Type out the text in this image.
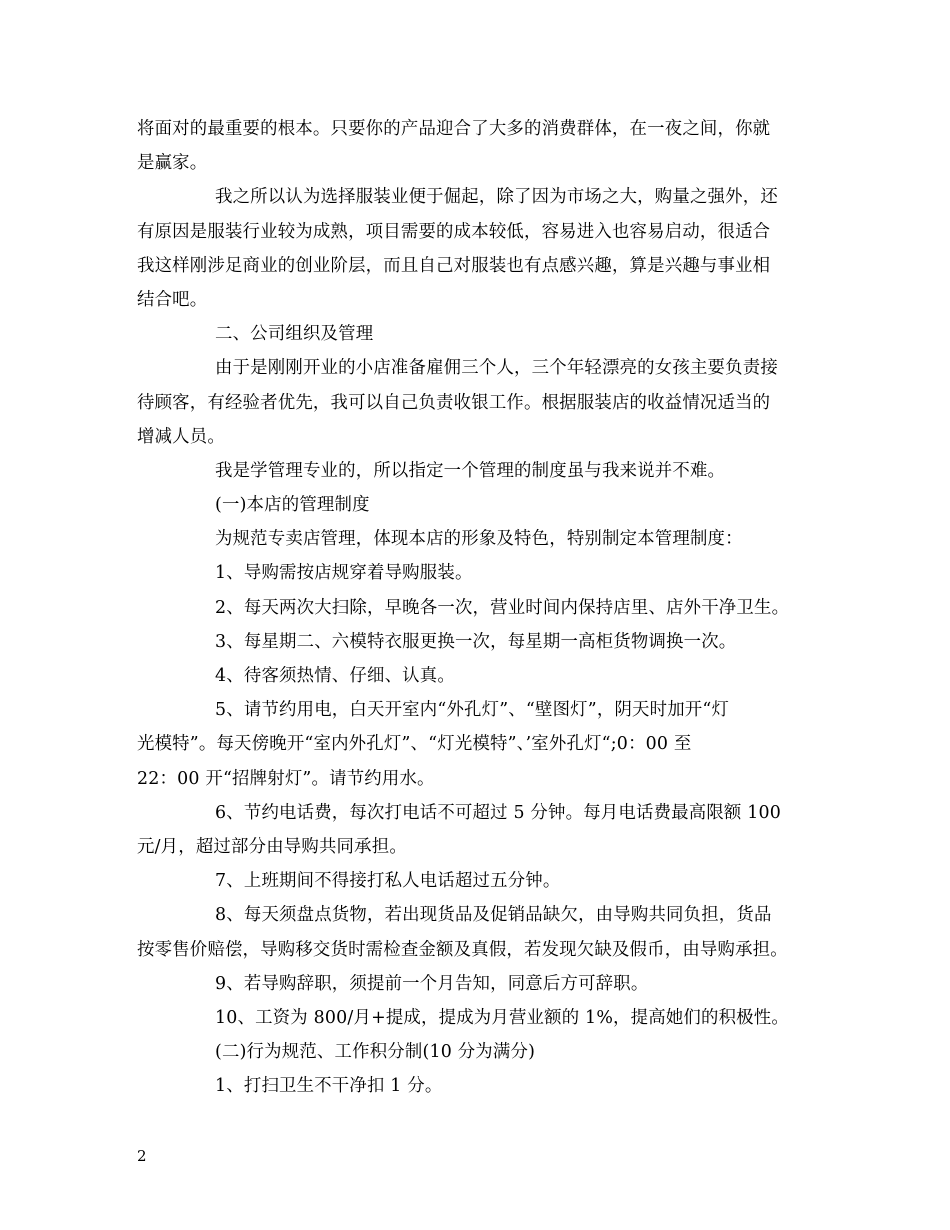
将面对的最重要的根本。只要你的产品迎合了大多的消费群体，在一夜之间，你就
是赢家。
我之所以认为选择服装业便于倔起，除了因为市场之大，购量之强外，还
有原因是服装行业较为成熟，项目需要的成本较低，容易进入也容易启动，很适合
我这样刚涉足商业的创业阶层，而且自己对服装也有点感兴趣，算是兴趣与事业相
结合吧。
二、公司组织及管理
由于是刚刚开业的小店准备雇佣三个人，三个年轻漂亮的女孩主要负责接
待顾客，有经验者优先，我可以自己负责收银工作。根据服装店的收益情况适当的
增减人员。
我是学管理专业的，所以指定一个管理的制度虽与我来说并不难。
(一)本店的管理制度
为规范专卖店管理，体现本店的形象及特色，特别制定本管理制度：
1、导购需按店规穿着导购服装。
2、每天两次大扫除，早晚各一次，营业时间内保持店里、店外干净卫生。
3、每星期二、六模特衣服更换一次，每星期一高柜货物调换一次。
4、待客须热情、仔细、认真。
5、请节约用电，白天开室内“外孔灯”、“壁图灯”，阴天时加开“灯
光模特”。每天傍晚开“室内外孔灯”、“灯光模特”、’室外孔灯“;0：00 至
22：00 开“招牌射灯”。请节约用水。
6、节约电话费，每次打电话不可超过 5 分钟。每月电话费最高限额 100
元/月，超过部分由导购共同承担。
7、上班期间不得接打私人电话超过五分钟。
8、每天须盘点货物，若出现货品及促销品缺欠，由导购共同负担，货品
按零售价赔偿，导购移交货时需检查金额及真假，若发现欠缺及假币，由导购承担。
9、若导购辞职，须提前一个月告知，同意后方可辞职。
10、工资为 800/月+提成，提成为月营业额的 1%，提高她们的积极性。
(二)行为规范、工作积分制(10 分为满分)
1、打扫卫生不干净扣 1 分。
2
